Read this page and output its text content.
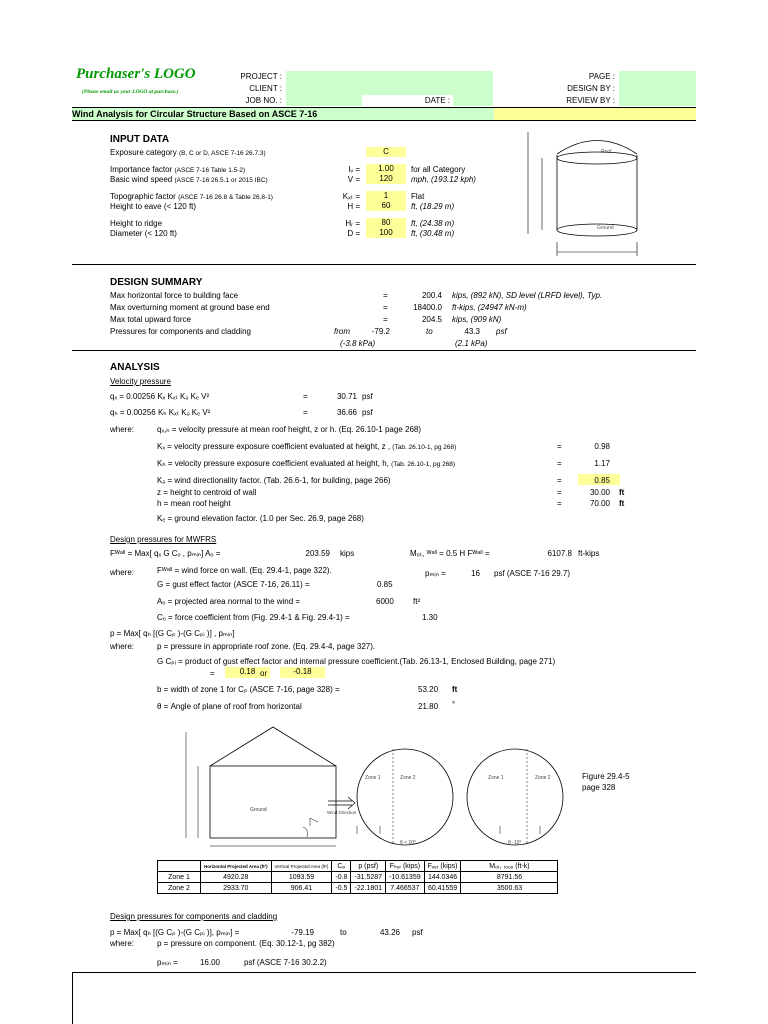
Purchaser's LOGO
(Please email us your LOGO at purchase.)
PROJECT :
CLIENT :
JOB NO. :	DATE :
PAGE :
DESIGN BY :
REVIEW BY :
Wind Analysis for Circular Structure Based on ASCE 7-16
INPUT DATA
Exposure category (B, C or D, ASCE 7-16 26.7.3)	C
Importance factor (ASCE 7-16 Table 1.5-2)	Iᵥ =	1.00	for all Category
Basic wind speed (ASCE 7-16 26.5.1 or 2015 IBC)	V =	120	mph, (193.12 kph)
Topographic factor (ASCE 7-16 26.8 & Table 26.8-1)	Kₓₜ =	1	Flat
Height to eave (< 120 ft)	H =	60	ft, (18.29 m)
Height to ridge	Hᵣ =	80	ft, (24.38 m)
Diameter (< 120 ft)	D =	100	ft, (30.48 m)
Roof
Ground
DESIGN SUMMARY
Max horizontal force to building face	=	200.4 kips, (892 kN), SD level (LRFD level), Typ.
Max overturning moment at ground base end	=	18400.0 ft-kips, (24947 kN-m)
Max total upward force	=	204.5 kips, (909 kN)
Pressures for components and cladding	from	-79.2	to	43.3 psf
(-3.8 kPa)	(2.1 kPa)
ANALYSIS
Velocity pressure
qₓ = 0.00256 Kₓ Kₓₜ Kₔ Kₑ V²	=	30.71 psf
qₕ = 0.00256 Kₕ Kₓₜ Kₔ Kₑ V²	=	36.66 psf
where:	qₓ,ₕ = velocity pressure at mean roof height, z or h. (Eq. 26.10-1 page 268)
Kₓ = velocity pressure exposure coefficient evaluated at height, z , (Tab. 26.10-1, pg 268)	=	0.98
Kₕ = velocity pressure exposure coefficient evaluated at height, h, (Tab. 26.10-1, pg 268)	=	1.17
Kₔ = wind directionality factor. (Tab. 26.6-1, for building, page 266)	=	0.85
z = height to centroid of wall	=	30.00 ft
h = mean roof height	=	70.00 ft
Kₑ = ground elevation factor. (1.0 per Sec. 26.9, page 268)
Design pressures for MWFRS
Fᵂᵃˡˡ = Max[ qₓ G Cₒ , pₘᵢₙ] Aₒ =	203.59 kips	Mₒₜ, ᵂᵃˡˡ = 0.5 H Fᵂᵃˡˡ =	6107.8 ft-kips
where:	Fᵂᵃˡˡ = wind force on wall. (Eq. 29.4-1, page 322).	pₘᵢₙ =	16 psf (ASCE 7-16 29.7)
G = gust effect factor (ASCE 7-16, 26.11) =	0.85
Aₒ = projected area normal to the wind =	6000 ft²
Cₒ = force coefficient from (Fig. 29.4-1 & Fig. 29.4-1) =	1.30
p = Max[ qₕ [(G Cₚ )-(G Cₚᵢ )] , pₘᵢₙ]
where:	p = pressure in appropriate roof zone. (Eq. 29.4-4, page 327).
G Cₚᵢ = product of gust effect factor and internal pressure coefficient.(Tab. 26.13-1, Enclosed Building, page 271)
=	0.18 or	-0.18
b = width of zone 1 for Cₚ (ASCE 7-16, page 328) =	53.20 ft
θ = Angle of plane of roof from horizontal	21.80 °
Ground	Wind Direction
Zone 1	Zone 2	Zone 1	Zone 2
θ < 10°	θ ·10°
Figure 29.4-5
page 328
	Horizontal Projected Area (ft²)	Vertical Projected Area (ft²)	Cₚ	p (psf)	Fₕₒᵣ (kips)	Fᵥₑᵣ (kips)	Mₒₜ, ᵣₒₒₒ (ft-k)
Zone 1	4920.28	1093.59	-0.8	-31.5287	-10.61359	144.0346	8791.56
Zone 2	2933.70	906.41	-0.5	-22.1801	7.466537	60.41559	3500.63
Design pressures for components and cladding
p = Max[ qₕ [(G Cₚ )-(G Cₚᵢ )], pₘᵢₙ] =	-79.19	to	43.26 psf
where:	p = pressure on component. (Eq. 30.12-1, pg 382)
pₘᵢₙ =	16.00	psf (ASCE 7-16 30.2.2)
